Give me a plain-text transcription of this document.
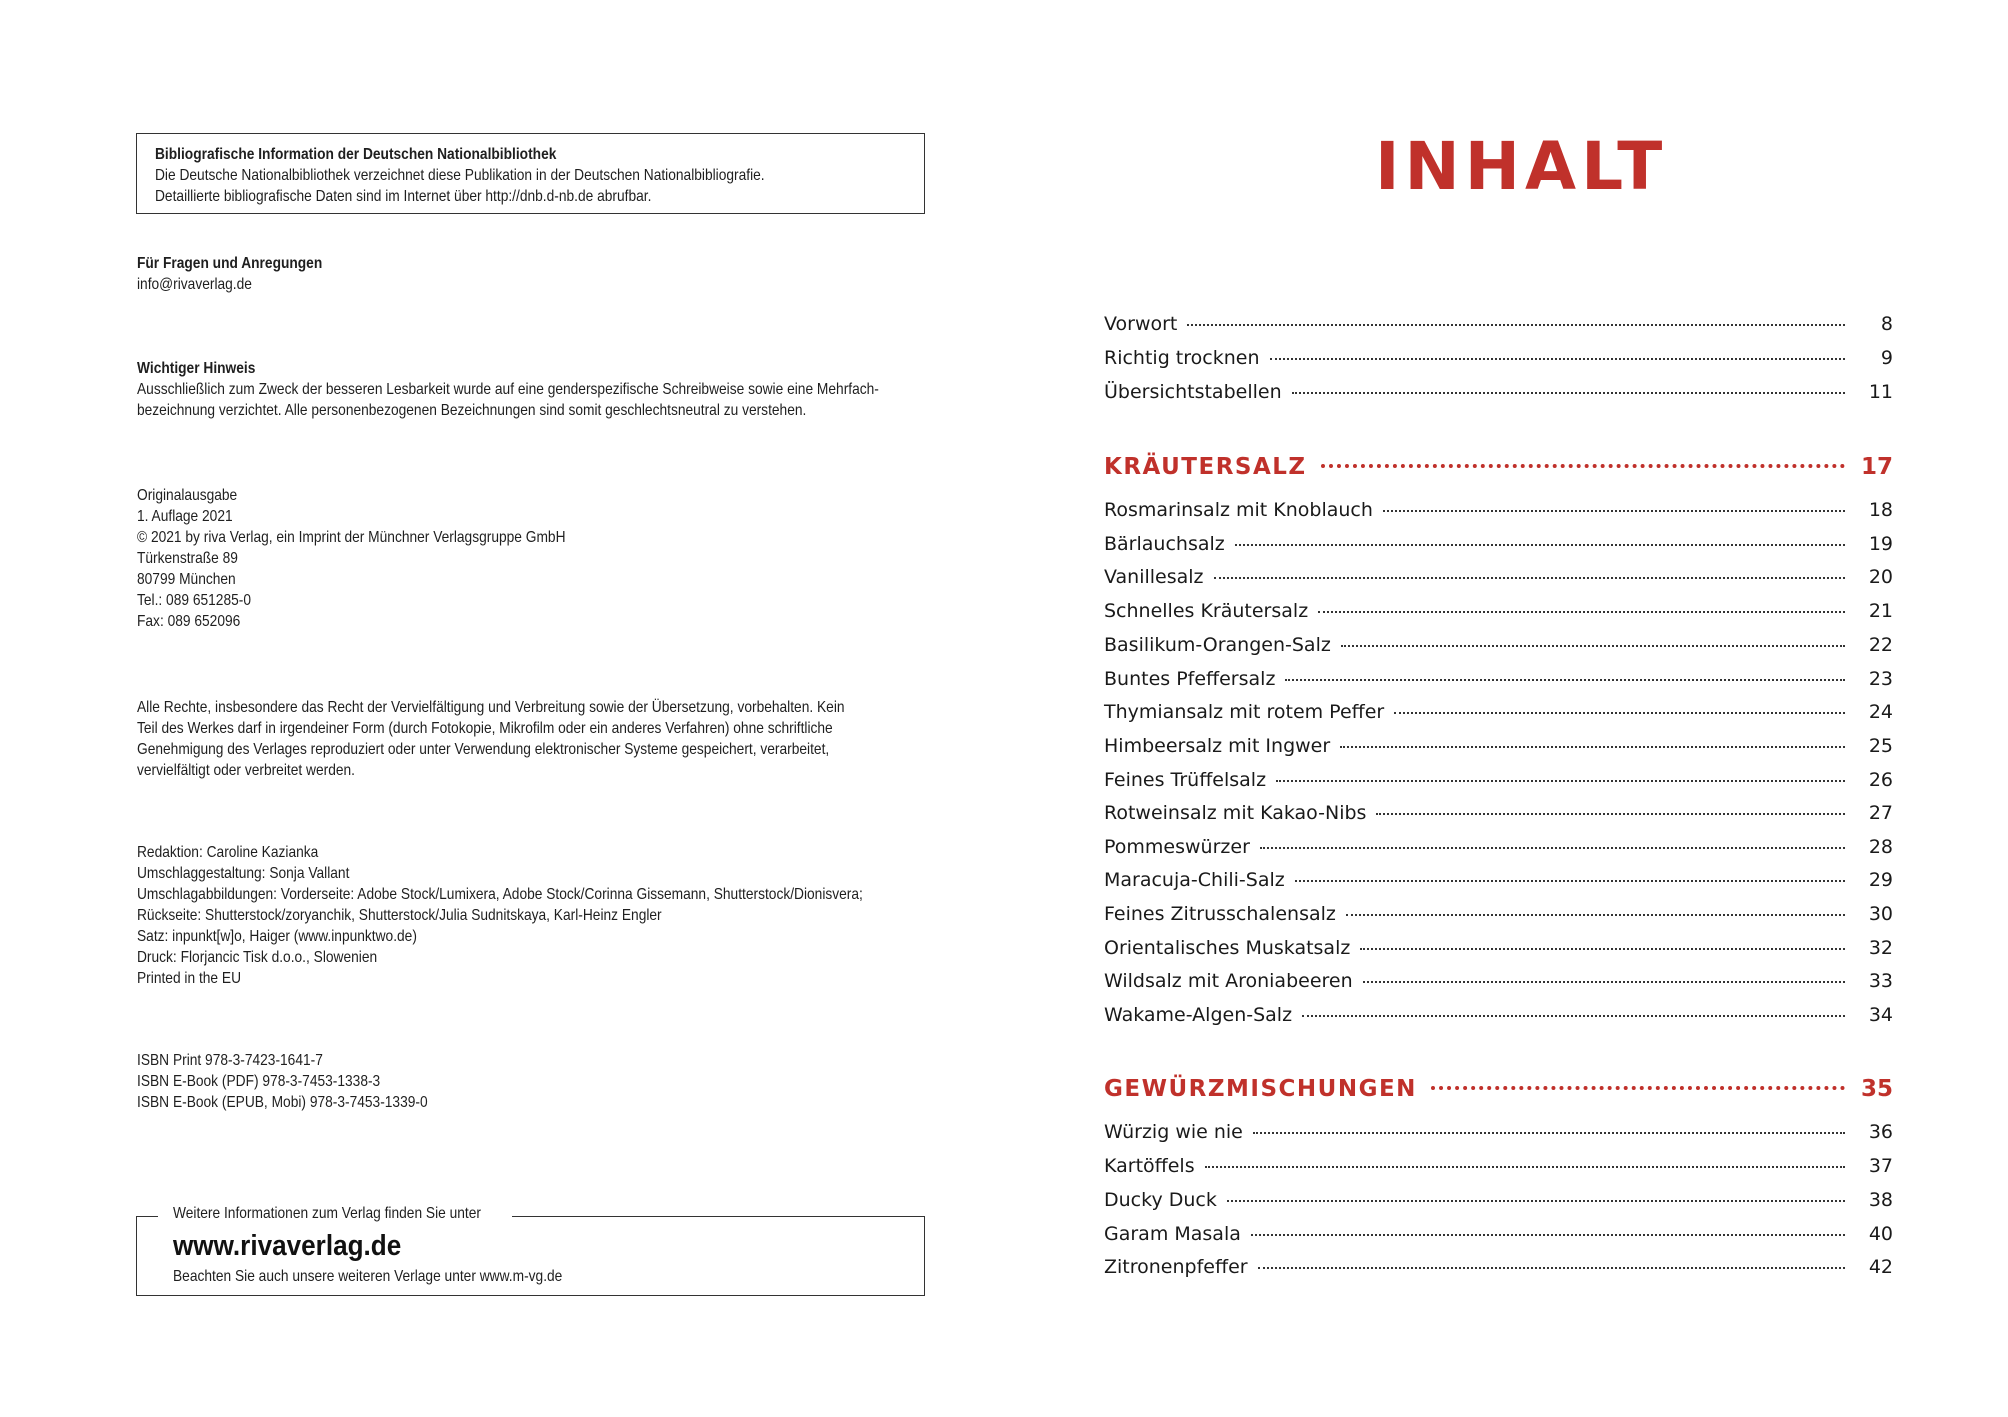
Bibliografische Information der Deutschen Nationalbibliothek
Die Deutsche Nationalbibliothek verzeichnet diese Publikation in der Deutschen Nationalbibliografie.
Detaillierte bibliografische Daten sind im Internet über http://dnb.d-nb.de abrufbar.
Für Fragen und Anregungen
info@rivaverlag.de
Wichtiger Hinweis
Ausschließlich zum Zweck der besseren Lesbarkeit wurde auf eine genderspezifische Schreibweise sowie eine Mehrfach-
bezeichnung verzichtet. Alle personenbezogenen Bezeichnungen sind somit geschlechtsneutral zu verstehen.
Originalausgabe
1. Auflage 2021
© 2021 by riva Verlag, ein Imprint der Münchner Verlagsgruppe GmbH
Türkenstraße 89
80799 München
Tel.: 089 651285-0
Fax: 089 652096
Alle Rechte, insbesondere das Recht der Vervielfältigung und Verbreitung sowie der Übersetzung, vorbehalten. Kein
Teil des Werkes darf in irgendeiner Form (durch Fotokopie, Mikrofilm oder ein anderes Verfahren) ohne schriftliche
Genehmigung des Verlages reproduziert oder unter Verwendung elektronischer Systeme gespeichert, verarbeitet,
vervielfältigt oder verbreitet werden.
Redaktion: Caroline Kazianka
Umschlaggestaltung: Sonja Vallant
Umschlagabbildungen: Vorderseite: Adobe Stock/Lumixera, Adobe Stock/Corinna Gissemann, Shutterstock/Dionisvera;
Rückseite: Shutterstock/zoryanchik, Shutterstock/Julia Sudnitskaya, Karl-Heinz Engler
Satz: inpunkt[w]o, Haiger (www.inpunktwo.de)
Druck: Florjancic Tisk d.o.o., Slowenien
Printed in the EU
ISBN Print 978-3-7423-1641-7
ISBN E-Book (PDF) 978-3-7453-1338-3
ISBN E-Book (EPUB, Mobi) 978-3-7453-1339-0
Weitere Informationen zum Verlag finden Sie unter
www.rivaverlag.de
Beachten Sie auch unsere weiteren Verlage unter www.m-vg.de
INHALT
Vorwort	8
Richtig trocknen	9
Übersichtstabellen	11
KRÄUTERSALZ	17
Rosmarinsalz mit Knoblauch	18
Bärlauchsalz	19
Vanillesalz	20
Schnelles Kräutersalz	21
Basilikum-Orangen-Salz	22
Buntes Pfeffersalz	23
Thymiansalz mit rotem Peffer	24
Himbeersalz mit Ingwer	25
Feines Trüffelsalz	26
Rotweinsalz mit Kakao-Nibs	27
Pommeswürzer	28
Maracuja-Chili-Salz	29
Feines Zitrusschalensalz	30
Orientalisches Muskatsalz	32
Wildsalz mit Aroniabeeren	33
Wakame-Algen-Salz	34
GEWÜRZMISCHUNGEN	35
Würzig wie nie	36
Kartöffels	37
Ducky Duck	38
Garam Masala	40
Zitronenpfeffer	42
